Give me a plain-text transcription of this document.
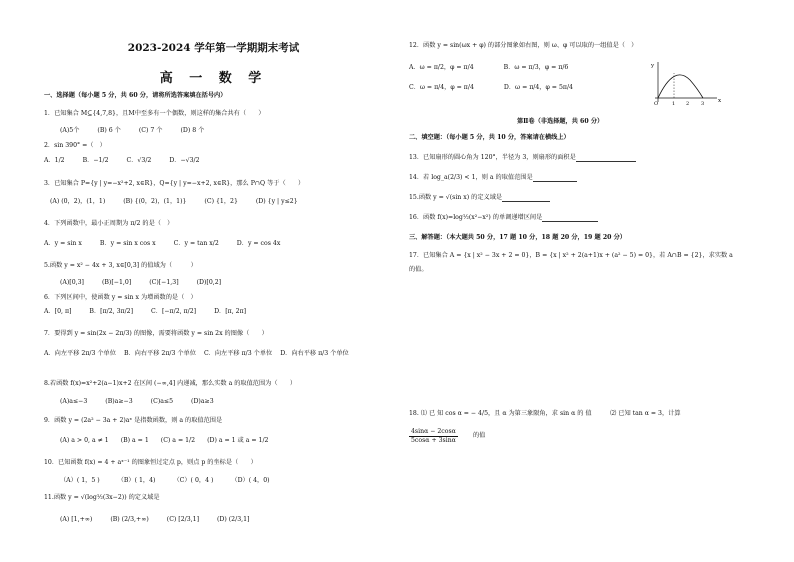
2023-2024 学年第一学期期末考试
高 一 数 学
一、选择题（每小题 5 分，共 60 分，请将所选答案填在括号内）
1．已知集合 M⊆{4,7,8}，且M中至多有一个偶数，则这样的集合共有（　　）
(A)5个	(B) 6 个	(C) 7 个	(D) 8 个
2．sin 390° =（　）
A．1/2	B．−1/2	C．√3/2	D．−√3/2
3．已知集合 P={y | y=−x²+2, x∈R}，Q={y | y=−x+2, x∈R}，那么 P∩Q 等于（　　）
(A) (0，2)，(1，1)	(B) {(0，2)，(1，1)}	(C) {1，2}	(D) {y | y≤2}
4．下列函数中，最小正周期为 π/2 的是（　）
A．y = sin x	B．y = sin x cos x	C．y = tan x/2	D．y = cos 4x
5.函数 y = x² − 4x + 3, x∈[0,3] 的值域为（　　　）
(A)[0,3]	(B)[−1,0]	(C)[−1,3]	(D)[0,2]
6．下列区间中，使函数 y = sin x 为增函数的是（　）
A．[0, π]	B．[π/2, 3π/2]	C．[−π/2, π/2]	D．[π, 2π]
7．要得到 y = sin(2x − 2π/3) 的图像，需要将函数 y = sin 2x 的图像（　　）
A．向左平移 2π/3 个单位 B．向右平移 2π/3 个单位 C．向左平移 π/3 个单位 D．向右平移 π/3 个单位
8.若函数 f(x)=x²+2(a−1)x+2 在区间 (−∞,4] 内递减，那么实数 a 的取值范围为（　　）
(A)a≤−3	(B)a≥−3	(C)a≤5	(D)a≥3
9．函数 y = (2a² − 3a + 2)aˣ 是指数函数，则 a 的取值范围是
(A) a > 0, a ≠ 1 (B) a = 1 (C) a = 1/2 (D) a = 1 或 a = 1/2
10．已知函数 f(x) = 4 + aˣ⁻¹ 的图象恒过定点 p，则点 p 的坐标是（　　）
（A）( 1，5 )	（B）( 1，4)	（C）( 0，4 )	（D）( 4，0)
11.函数 y = √(log½(3x−2)) 的定义域是
(A) [1,+∞)	(B) (2/3,+∞)	(C) [2/3,1]	(D) (2/3,1]
12．函数 y = sin(ωx + φ) 的部分图象如右图，则 ω、φ 可以取的一组值是（　）
A．ω = π/2，φ = π/4	B．ω = π/3，φ = π/6
C．ω = π/4，φ = π/4	D．ω = π/4，φ = 5π/4
y
O	1 2 3	x
第Ⅱ卷（非选择题，共 60 分）
二、填空题：（每小题 5 分，共 10 分，答案请在横线上）
13．已知扇形的圆心角为 120°，半径为 3，则扇形的面积是
14．若 log_a(2/3) < 1，则 a 的取值范围是
15.函数 y = √(sin x) 的定义域是
16．函数 f(x)=log½(x²−x²) 的单调递增区间是
三、解答题：（本大题共 50 分，17 题 10 分，18 题 20 分，19 题 20 分）
17．已知集合 A = {x | x² − 3x + 2 = 0}，B = {x | x² + 2(a+1)x + (a² − 5) = 0}，若 A∩B = {2}，求实数 a
的值。
18. ⑴ 已 知 cos α = − 4/5，且 α 为第三象限角，求 sin α 的 值　　　⑵ 已知 tan α = 3，计算
$\frac{4\sin\alpha - 2\cos\alpha}{5\cos\alpha + 3\sin\alpha}$ 的值
